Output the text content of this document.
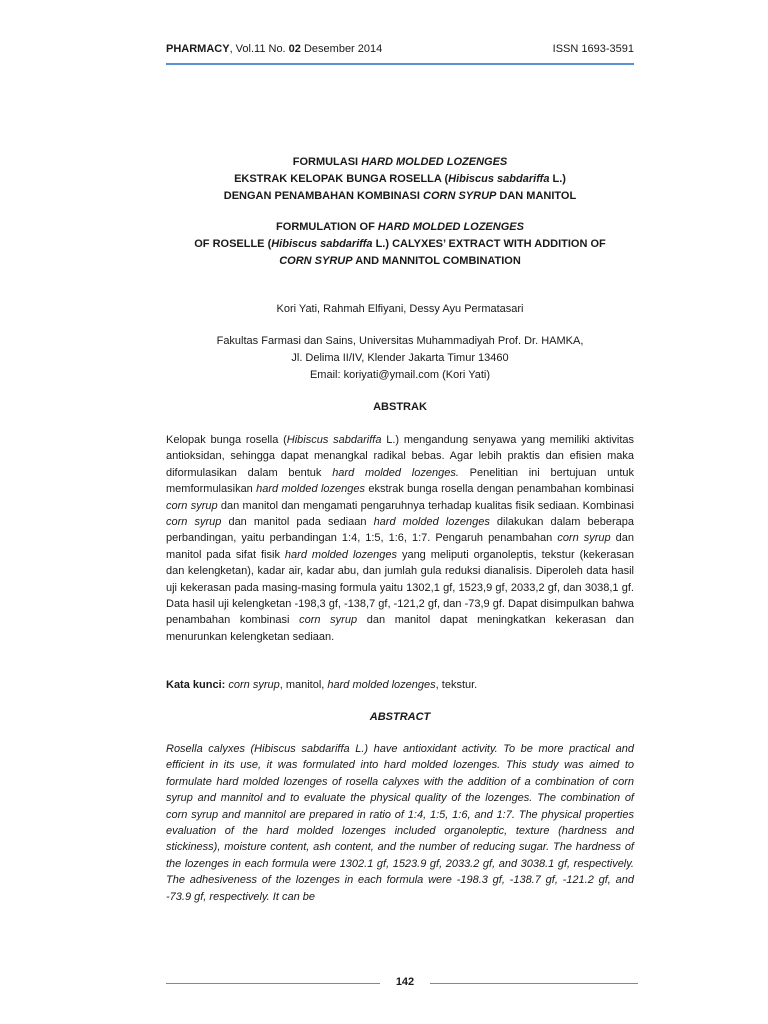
PHARMACY, Vol.11 No. 02 Desember 2014	ISSN 1693-3591
FORMULASI HARD MOLDED LOZENGES
EKSTRAK KELOPAK BUNGA ROSELLA (Hibiscus sabdariffa L.)
DENGAN PENAMBAHAN KOMBINASI CORN SYRUP DAN MANITOL
FORMULATION OF HARD MOLDED LOZENGES
OF ROSELLE (Hibiscus sabdariffa L.) CALYXES’ EXTRACT WITH ADDITION OF
CORN SYRUP AND MANNITOL COMBINATION
Kori Yati, Rahmah Elfiyani, Dessy Ayu Permatasari
Fakultas Farmasi dan Sains, Universitas Muhammadiyah Prof. Dr. HAMKA,
Jl. Delima II/IV, Klender Jakarta Timur 13460
Email: koriyati@ymail.com (Kori Yati)
ABSTRAK

Kelopak bunga rosella (Hibiscus sabdariffa L.) mengandung senyawa yang memiliki aktivitas antioksidan, sehingga dapat menangkal radikal bebas. Agar lebih praktis dan efisien maka diformulasikan dalam bentuk hard molded lozenges. Penelitian ini bertujuan untuk memformulasikan hard molded lozenges ekstrak bunga rosella dengan penambahan kombinasi corn syrup dan manitol dan mengamati pengaruhnya terhadap kualitas fisik sediaan. Kombinasi corn syrup dan manitol pada sediaan hard molded lozenges dilakukan dalam beberapa perbandingan, yaitu perbandingan 1:4, 1:5, 1:6, 1:7. Pengaruh penambahan corn syrup dan manitol pada sifat fisik hard molded lozenges yang meliputi organoleptis, tekstur (kekerasan dan kelengketan), kadar air, kadar abu, dan jumlah gula reduksi dianalisis. Diperoleh data hasil uji kekerasan pada masing-masing formula yaitu 1302,1 gf, 1523,9 gf, 2033,2 gf, dan 3038,1 gf. Data hasil uji kelengketan -198,3 gf, -138,7 gf, -121,2 gf, dan -73,9 gf. Dapat disimpulkan bahwa penambahan kombinasi corn syrup dan manitol dapat meningkatkan kekerasan dan menurunkan kelengketan sediaan.

Kata kunci: corn syrup, manitol, hard molded lozenges, tekstur.

ABSTRACT

Rosella calyxes (Hibiscus sabdariffa L.) have antioxidant activity. To be more practical and efficient in its use, it was formulated into hard molded lozenges. This study was aimed to formulate hard molded lozenges of rosella calyxes with the addition of a combination of corn syrup and mannitol and to evaluate the physical quality of the lozenges. The combination of corn syrup and mannitol are prepared in ratio of 1:4, 1:5, 1:6, and 1:7. The physical properties evaluation of the hard molded lozenges included organoleptic, texture (hardness and stickiness), moisture content, ash content, and the number of reducing sugar. The hardness of the lozenges in each formula were 1302.1 gf, 1523.9 gf, 2033.2 gf, and 3038.1 gf, respectively. The adhesiveness of the lozenges in each formula were -198.3 gf, -138.7 gf, -121.2 gf, and -73.9 gf, respectively. It can be

142
